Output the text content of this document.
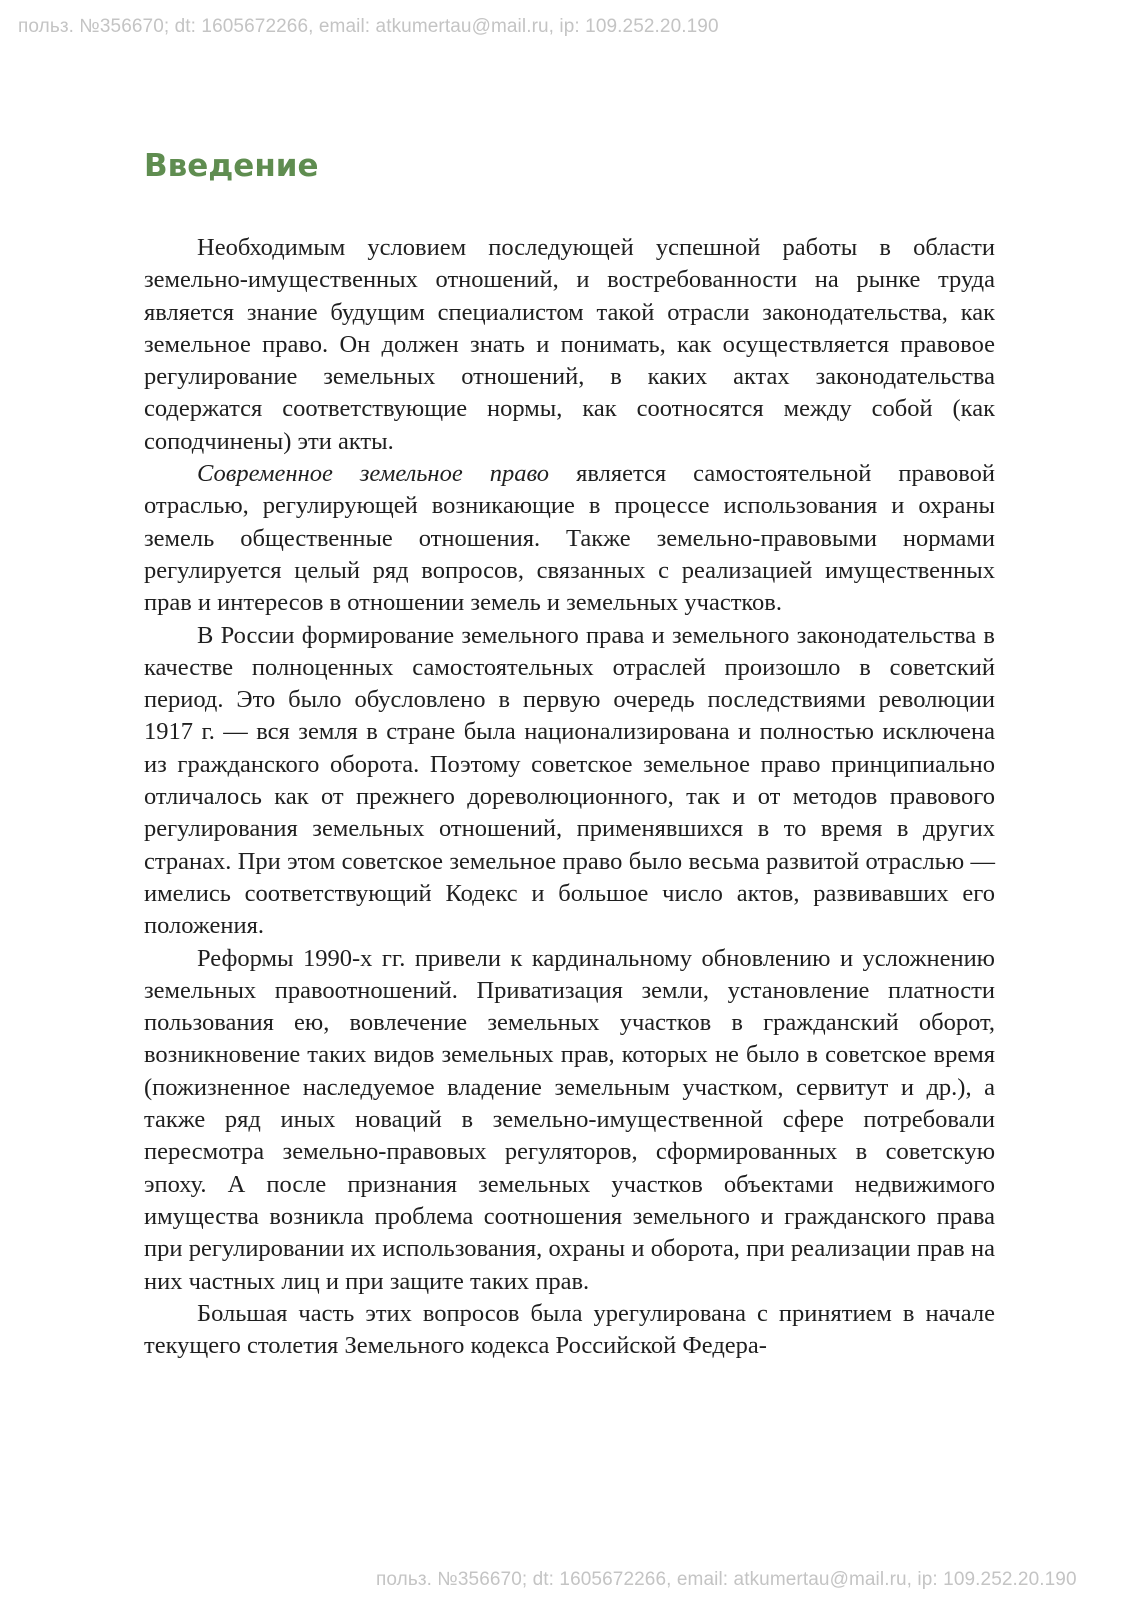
польз. №356670; dt: 1605672266, email: atkumertau@mail.ru, ip: 109.252.20.190
Введение

Необходимым условием последующей успешной работы в области земельно-имущественных отношений, и востребованности на рынке труда является знание будущим специалистом такой отрасли законодательства, как земельное право. Он должен знать и понимать, как осуществляется правовое регулирование земельных отношений, в каких актах законодательства содержатся соответствующие нормы, как соотносятся между собой (как соподчинены) эти акты.

Современное земельное право является самостоятельной правовой отраслью, регулирующей возникающие в процессе использования и охраны земель общественные отношения. Также земельно-правовыми нормами регулируется целый ряд вопросов, связанных с реализацией имущественных прав и интересов в отношении земель и земельных участков.

В России формирование земельного права и земельного законодательства в качестве полноценных самостоятельных отраслей произошло в советский период. Это было обусловлено в первую очередь последствиями революции 1917 г. — вся земля в стране была национализирована и полностью исключена из гражданского оборота. Поэтому советское земельное право принципиально отличалось как от прежнего дореволюционного, так и от методов правового регулирования земельных отношений, применявшихся в то время в других странах. При этом советское земельное право было весьма развитой отраслью — имелись соответствующий Кодекс и большое число актов, развивавших его положения.

Реформы 1990-х гг. привели к кардинальному обновлению и усложнению земельных правоотношений. Приватизация земли, установление платности пользования ею, вовлечение земельных участков в гражданский оборот, возникновение таких видов земельных прав, которых не было в советское время (пожизненное наследуемое владение земельным участком, сервитут и др.), а также ряд иных новаций в земельно-имущественной сфере потребовали пересмотра земельно-правовых регуляторов, сформированных в советскую эпоху. А после признания земельных участков объектами недвижимого имущества возникла проблема соотношения земельного и гражданского права при регулировании их использования, охраны и оборота, при реализации прав на них частных лиц и при защите таких прав.

Большая часть этих вопросов была урегулирована с принятием в начале текущего столетия Земельного кодекса Российской Федера-

польз. №356670; dt: 1605672266, email: atkumertau@mail.ru, ip: 109.252.20.190
